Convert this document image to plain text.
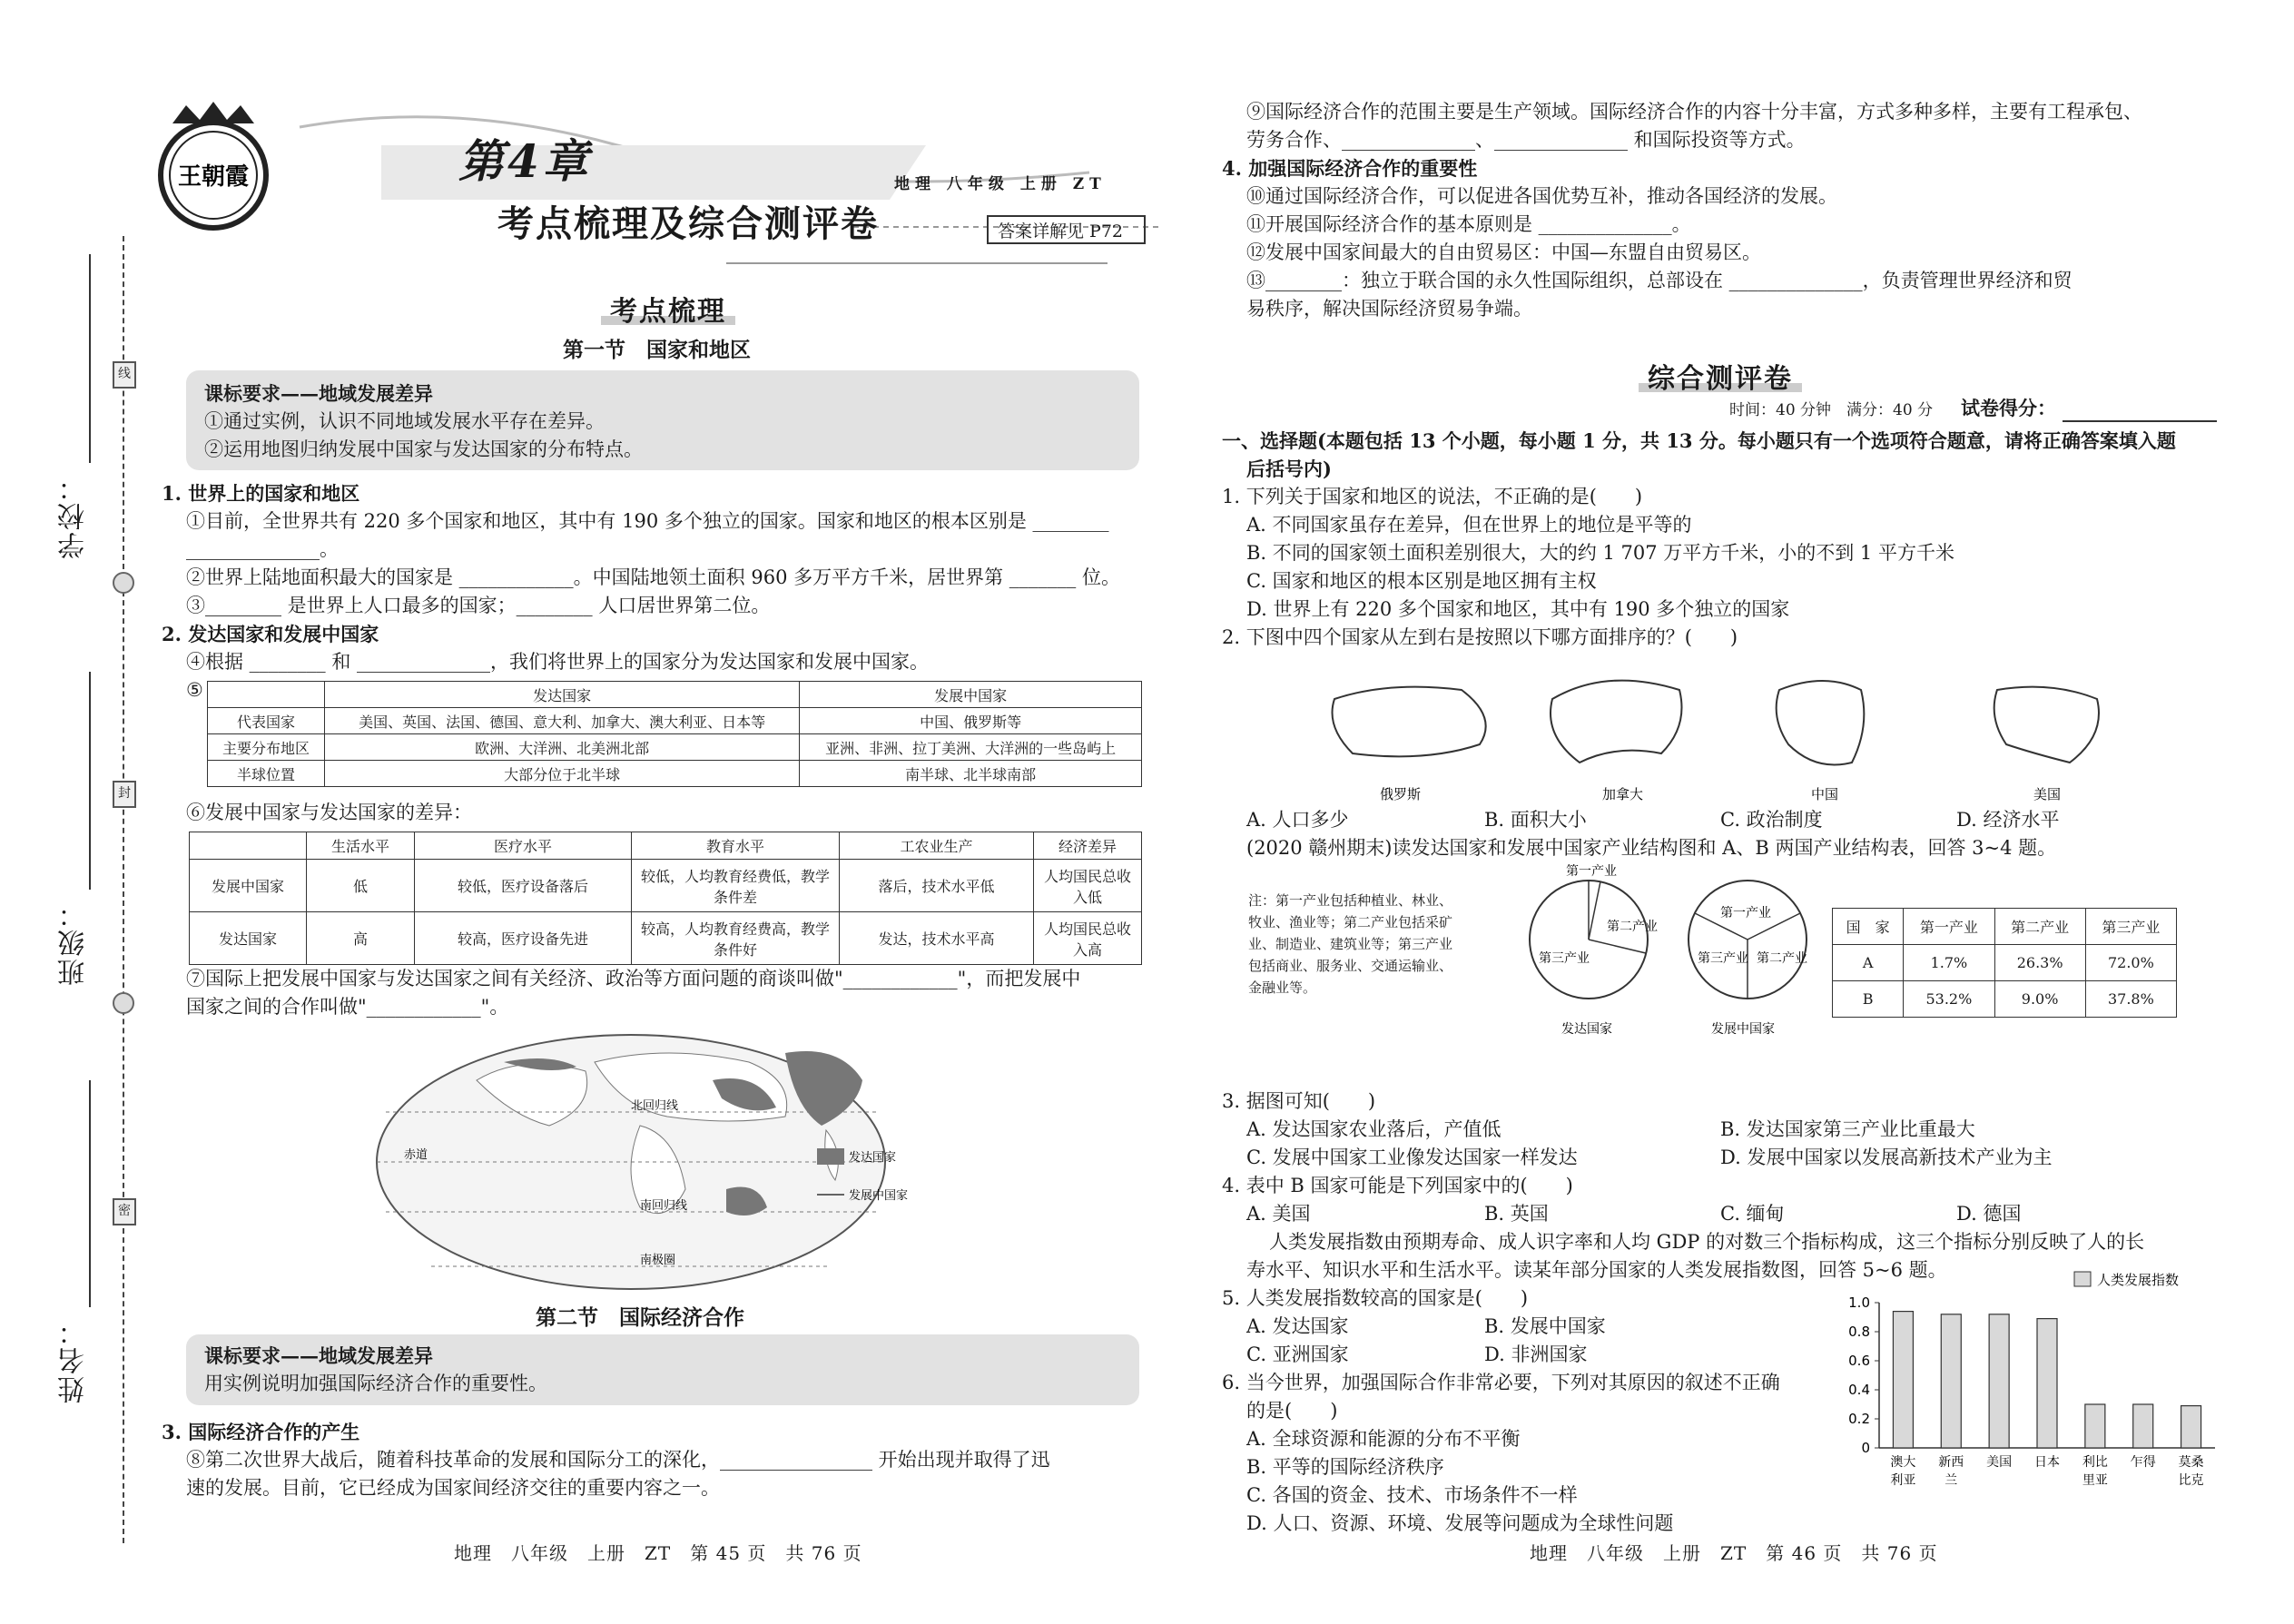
学校：
班级：
姓名：
线
封
密
王朝霞	第4章
考点梳理及综合测评卷
地理 八年级 上册 ZT
答案详解见 P72
考点梳理
第一节　国家和地区
课标要求——地域发展差异
①通过实例，认识不同地域发展水平存在差异。
②运用地图归纳发展中国家与发达国家的分布特点。
1. 世界上的国家和地区
①目前，全世界共有 220 多个国家和地区，其中有 190 多个独立的国家。国家和地区的根本区别是 ________
______________。
②世界上陆地面积最大的国家是 ____________。中国陆地领土面积 960 多万平方千米，居世界第 _______ 位。
③________ 是世界上人口最多的国家；________ 人口居世界第二位。
2. 发达国家和发展中国家
④根据 ________ 和 ______________，我们将世界上的国家分为发达国家和发展中国家。
⑤
		发达国家	发展中国家
代表国家	美国、英国、法国、德国、意大利、加拿大、澳大利亚、日本等	中国、俄罗斯等
主要分布地区	欧洲、大洋洲、北美洲北部	亚洲、非洲、拉丁美洲、大洋洲的一些岛屿上
半球位置	大部分位于北半球	南半球、北半球南部
⑥发展中国家与发达国家的差异：
	生活水平	医疗水平	教育水平	工农业生产	经济差异
发展中国家	低	较低，医疗设备落后	较低，人均教育经费低，教学条件差	落后，技术水平低	人均国民总收入低
发达国家	高	较高，医疗设备先进	较高，人均教育经费高，教学条件好	发达，技术水平高	人均国民总收入高
⑦国际上把发展中国家与发达国家之间有关经济、政治等方面问题的商谈叫做"____________"，而把发展中
国家之间的合作叫做"____________"。
北回归线
赤道
南回归线
南极圈
发达国家
发展中国家
第二节　国际经济合作
课标要求——地域发展差异
用实例说明加强国际经济合作的重要性。
3. 国际经济合作的产生
⑧第二次世界大战后，随着科技革命的发展和国际分工的深化，________________ 开始出现并取得了迅
速的发展。目前，它已经成为国家间经济交往的重要内容之一。
地理　八年级　上册　ZT　第 45 页　共 76 页
⑨国际经济合作的范围主要是生产领域。国际经济合作的内容十分丰富，方式多种多样，主要有工程承包、
劳务合作、______________、______________ 和国际投资等方式。
4. 加强国际经济合作的重要性
⑩通过国际经济合作，可以促进各国优势互补，推动各国经济的发展。
⑪开展国际经济合作的基本原则是 ______________。
⑫发展中国家间最大的自由贸易区：中国—东盟自由贸易区。
⑬________：独立于联合国的永久性国际组织，总部设在 ______________，负责管理世界经济和贸
易秩序，解决国际经济贸易争端。
综合测评卷
时间：40 分钟　满分：40 分 试卷得分：
一、选择题(本题包括 13 个小题，每小题 1 分，共 13 分。每小题只有一个选项符合题意，请将正确答案填入题
后括号内)
1. 下列关于国家和地区的说法，不正确的是(　　)
A. 不同国家虽存在差异，但在世界上的地位是平等的
B. 不同的国家领土面积差别很大，大的约 1 707 万平方千米，小的不到 1 平方千米
C. 国家和地区的根本区别是地区拥有主权
D. 世界上有 220 多个国家和地区，其中有 190 多个独立的国家
2. 下图中四个国家从左到右是按照以下哪方面排序的？(　　)
俄罗斯	加拿大	中国	美国
A. 人口多少	B. 面积大小	C. 政治制度	D. 经济水平
(2020 赣州期末)读发达国家和发展中国家产业结构图和 A、B 两国产业结构表，回答 3~4 题。
注：第一产业包括种植业、林业、
牧业、渔业等；第二产业包括采矿
业、制造业、建筑业等；第三产业
包括商业、服务业、交通运输业、
金融业等。
第一产业
第二产业
第三产业
发达国家
第一产业
第二产业
第三产业
发展中国家
国　家	第一产业	第二产业	第三产业
A	1.7%	26.3%	72.0%
B	53.2%	9.0%	37.8%
3. 据图可知(　　)
A. 发达国家农业落后，产值低	B. 发达国家第三产业比重最大
C. 发展中国家工业像发达国家一样发达	D. 发展中国家以发展高新技术产业为主
4. 表中 B 国家可能是下列国家中的(　　)
A. 美国	B. 英国	C. 缅甸	D. 德国
人类发展指数由预期寿命、成人识字率和人均 GDP 的对数三个指标构成，这三个指标分别反映了人的长
寿水平、知识水平和生活水平。读某年部分国家的人类发展指数图，回答 5~6 题。
5. 人类发展指数较高的国家是(　　)
A. 发达国家	B. 发展中国家
C. 亚洲国家	D. 非洲国家
6. 当今世界，加强国际合作非常必要，下列对其原因的叙述不正确
的是(　　)
A. 全球资源和能源的分布不平衡
B. 平等的国际经济秩序
C. 各国的资金、技术、市场条件不一样
D. 人口、资源、环境、发展等问题成为全球性问题
人类发展指数
0
0.2
0.4
0.6
0.8
1.0
澳大
利亚
新西
兰
美国 日本 利比
里亚
乍得 莫桑
比克
地理　八年级　上册　ZT　第 46 页　共 76 页
